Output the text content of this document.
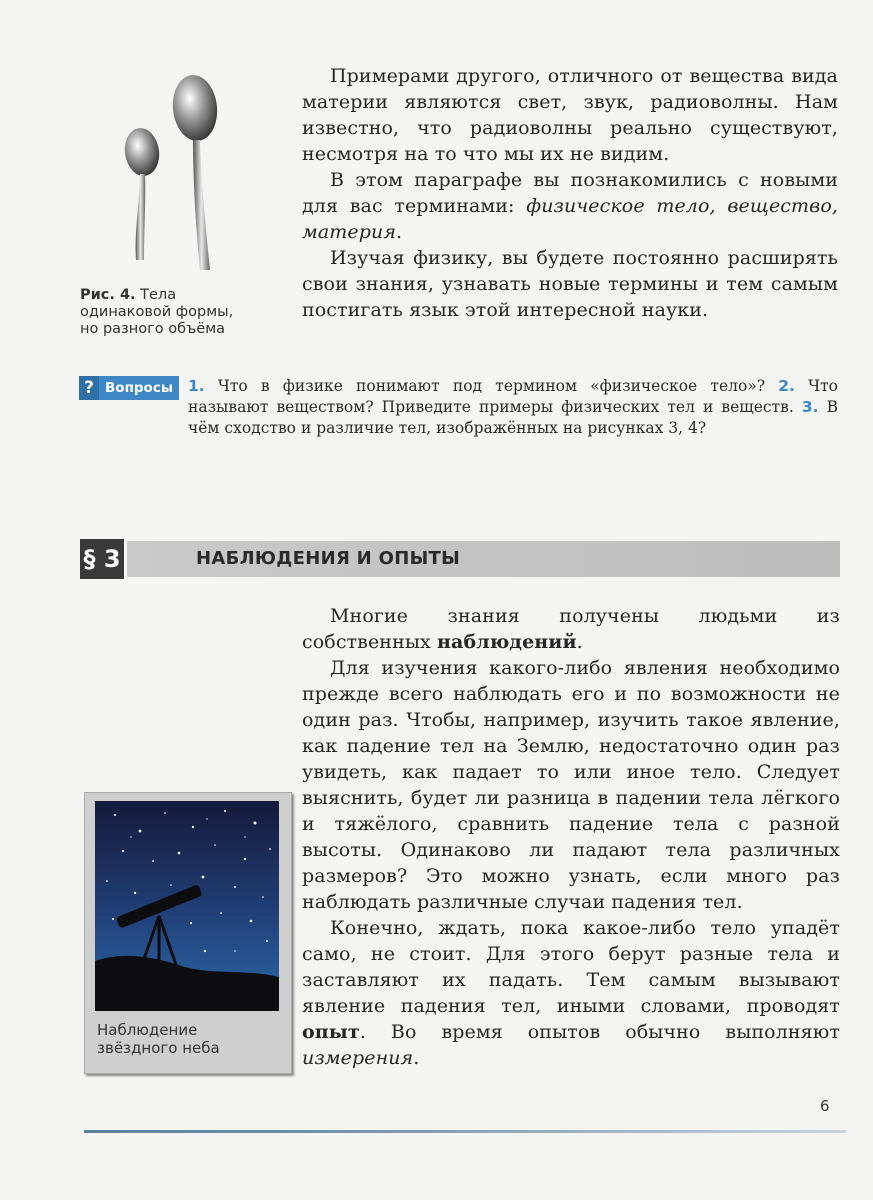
Рис. 4. Тела
одинаковой формы,
но разного объёма

Примерами другого, отличного от вещества вида материи являются свет, звук, радиоволны. Нам известно, что радиоволны реально существуют, несмотря на то что мы их не видим.

В этом параграфе вы познакомились с новыми для вас терминами: физическое тело, вещество, материя.

Изучая физику, вы будете постоянно расширять свои знания, узнавать новые термины и тем самым постигать язык этой интересной науки.

? Вопросы 1. Что в физике понимают под термином «физическое тело»? 2. Что называют веществом? Приведите примеры физических тел и веществ. 3. В чём сходство и различие тел, изображённых на рисунках 3, 4?
§ 3	НАБЛЮДЕНИЯ И ОПЫТЫ

Многие знания получены людьми из собственных наблюдений.

Для изучения какого-либо явления необходимо прежде всего наблюдать его и по возможности не один раз. Чтобы, например, изучить такое явление, как падение тел на Землю, недостаточно один раз увидеть, как падает то или иное тело. Следует выяснить, будет ли разница в падении тела лёгкого и тяжёлого, сравнить падение тела с разной высоты. Одинаково ли падают тела различных размеров? Это можно узнать, если много раз наблюдать различные случаи падения тел.

Конечно, ждать, пока какое-либо тело упадёт само, не стоит. Для этого берут разные тела и заставляют их падать. Тем самым вызывают явление падения тел, иными словами, проводят опыт. Во время опытов обычно выполняют измерения.

Наблюдение
звёздного неба
6
